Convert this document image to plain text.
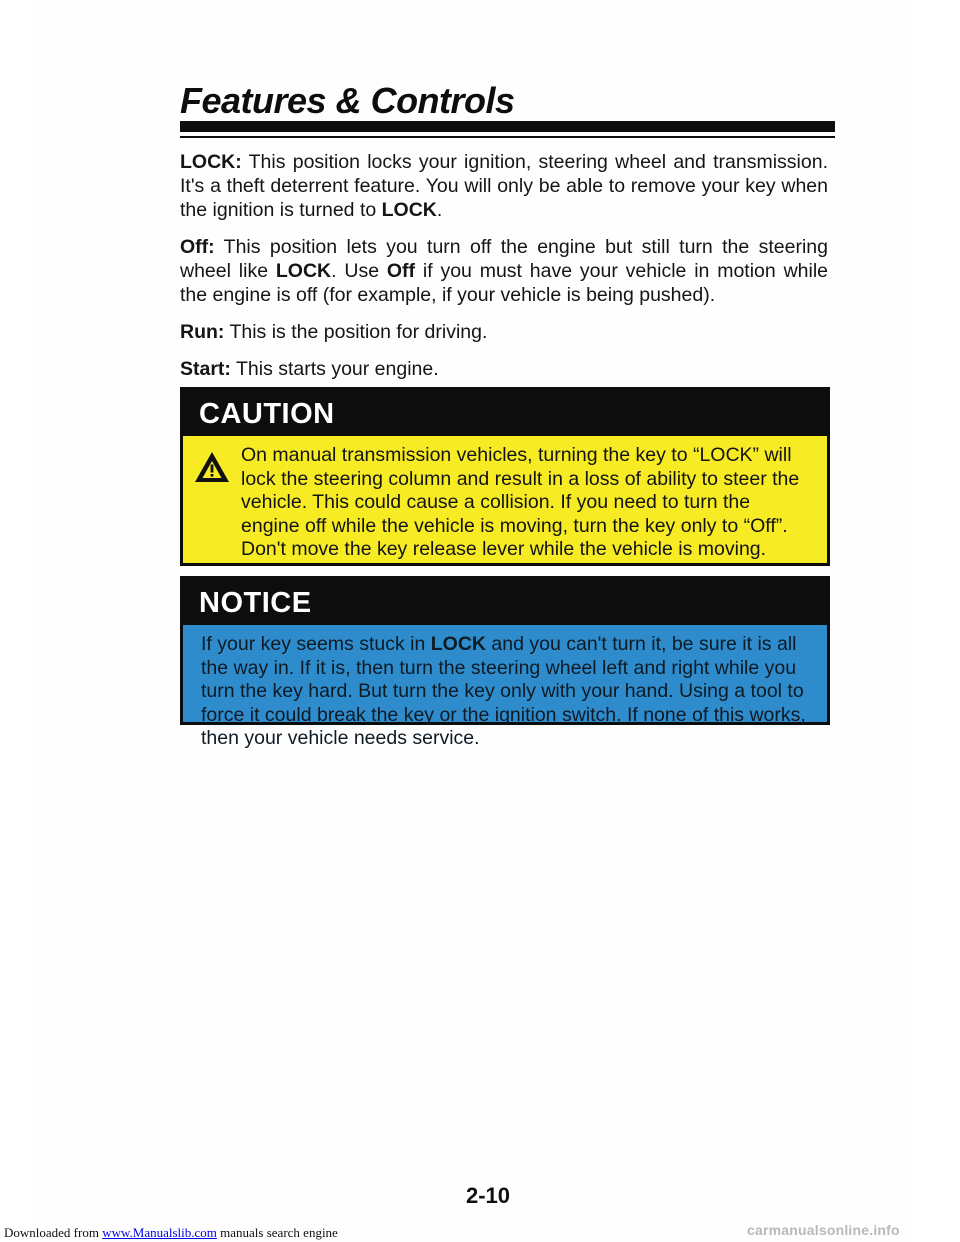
Features & Controls

LOCK: This position locks your ignition, steering wheel and transmission. It's a theft deterrent feature. You will only be able to remove your key when the ignition is turned to LOCK.

Off: This position lets you turn off the engine but still turn the steering wheel like LOCK. Use Off if you must have your vehicle in motion while the engine is off (for example, if your vehicle is being pushed).

Run: This is the position for driving.

Start: This starts your engine.

CAUTION
On manual transmission vehicles, turning the key to “LOCK” will lock the steering column and result in a loss of ability to steer the vehicle. This could cause a collision. If you need to turn the engine off while the vehicle is moving, turn the key only to “Off”. Don't move the key release lever while the vehicle is moving.
NOTICE
If your key seems stuck in LOCK and you can't turn it, be sure it is all the way in. If it is, then turn the steering wheel left and right while you turn the key hard. But turn the key only with your hand. Using a tool to force it could break the key or the ignition switch. If none of this works, then your vehicle needs service.
2-10
Downloaded from www.Manualslib.com manuals search engine	carmanualsonline.info
